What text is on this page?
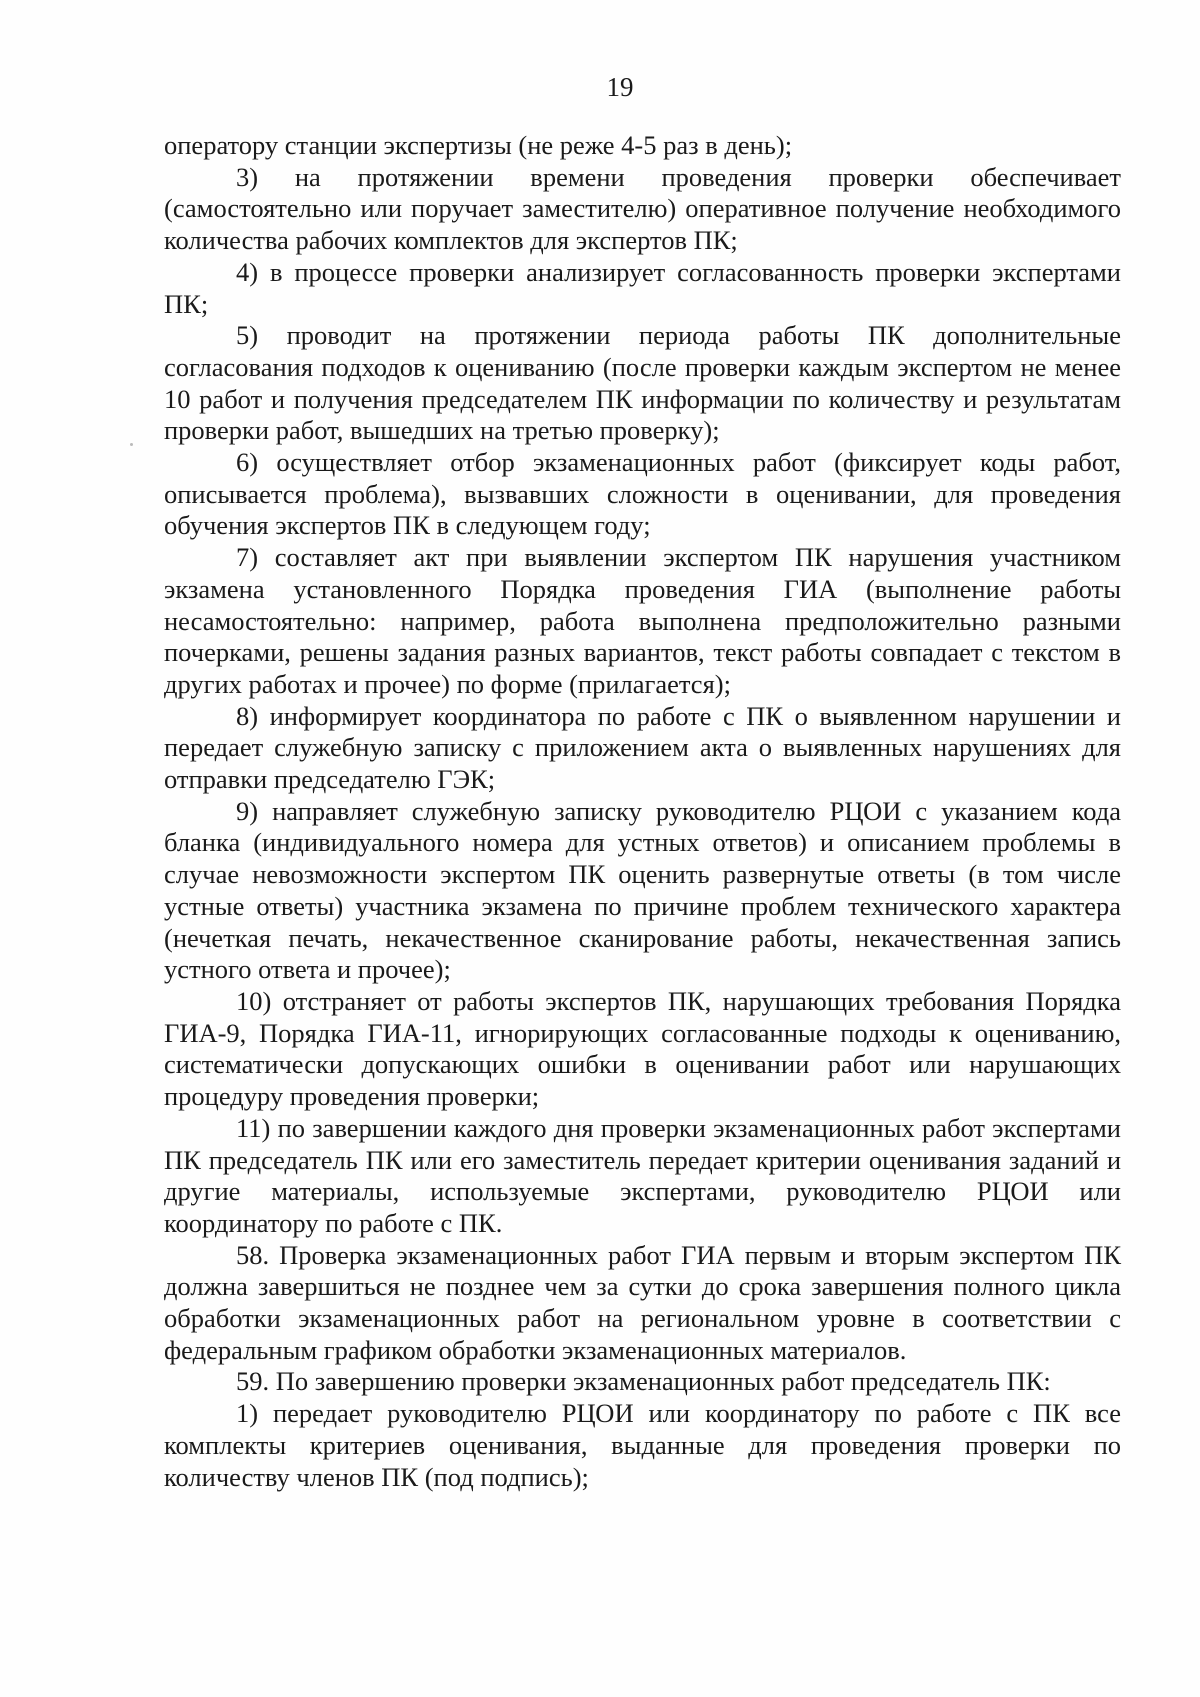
19

оператору станции экспертизы (не реже 4-5 раз в день);

3) на протяжении времени проведения проверки обеспечивает (самостоятельно или поручает заместителю) оперативное получение необходимого количества рабочих комплектов для экспертов ПК;

4) в процессе проверки анализирует согласованность проверки экспертами ПК;

5) проводит на протяжении периода работы ПК дополнительные согласования подходов к оцениванию (после проверки каждым экспертом не менее 10 работ и получения председателем ПК информации по количеству и результатам проверки работ, вышедших на третью проверку);

6) осуществляет отбор экзаменационных работ (фиксирует коды работ, описывается проблема), вызвавших сложности в оценивании, для проведения обучения экспертов ПК в следующем году;

7) составляет акт при выявлении экспертом ПК нарушения участником экзамена установленного Порядка проведения ГИА (выполнение работы несамостоятельно: например, работа выполнена предположительно разными почерками, решены задания разных вариантов, текст работы совпадает с текстом в других работах и прочее) по форме (прилагается);

8) информирует координатора по работе с ПК о выявленном нарушении и передает служебную записку с приложением акта о выявленных нарушениях для отправки председателю ГЭК;

9) направляет служебную записку руководителю РЦОИ с указанием кода бланка (индивидуального номера для устных ответов) и описанием проблемы в случае невозможности экспертом ПК оценить развернутые ответы (в том числе устные ответы) участника экзамена по причине проблем технического характера (нечеткая печать, некачественное сканирование работы, некачественная запись устного ответа и прочее);

10) отстраняет от работы экспертов ПК, нарушающих требования Порядка ГИА-9, Порядка ГИА-11, игнорирующих согласованные подходы к оцениванию, систематически допускающих ошибки в оценивании работ или нарушающих процедуру проведения проверки;

11) по завершении каждого дня проверки экзаменационных работ экспертами ПК председатель ПК или его заместитель передает критерии оценивания заданий и другие материалы, используемые экспертами, руководителю РЦОИ или координатору по работе с ПК.

58. Проверка экзаменационных работ ГИА первым и вторым экспертом ПК должна завершиться не позднее чем за сутки до срока завершения полного цикла обработки экзаменационных работ на региональном уровне в соответствии с федеральным графиком обработки экзаменационных материалов.

59. По завершению проверки экзаменационных работ председатель ПК:

1) передает руководителю РЦОИ или координатору по работе с ПК все комплекты критериев оценивания, выданные для проведения проверки по количеству членов ПК (под подпись);
